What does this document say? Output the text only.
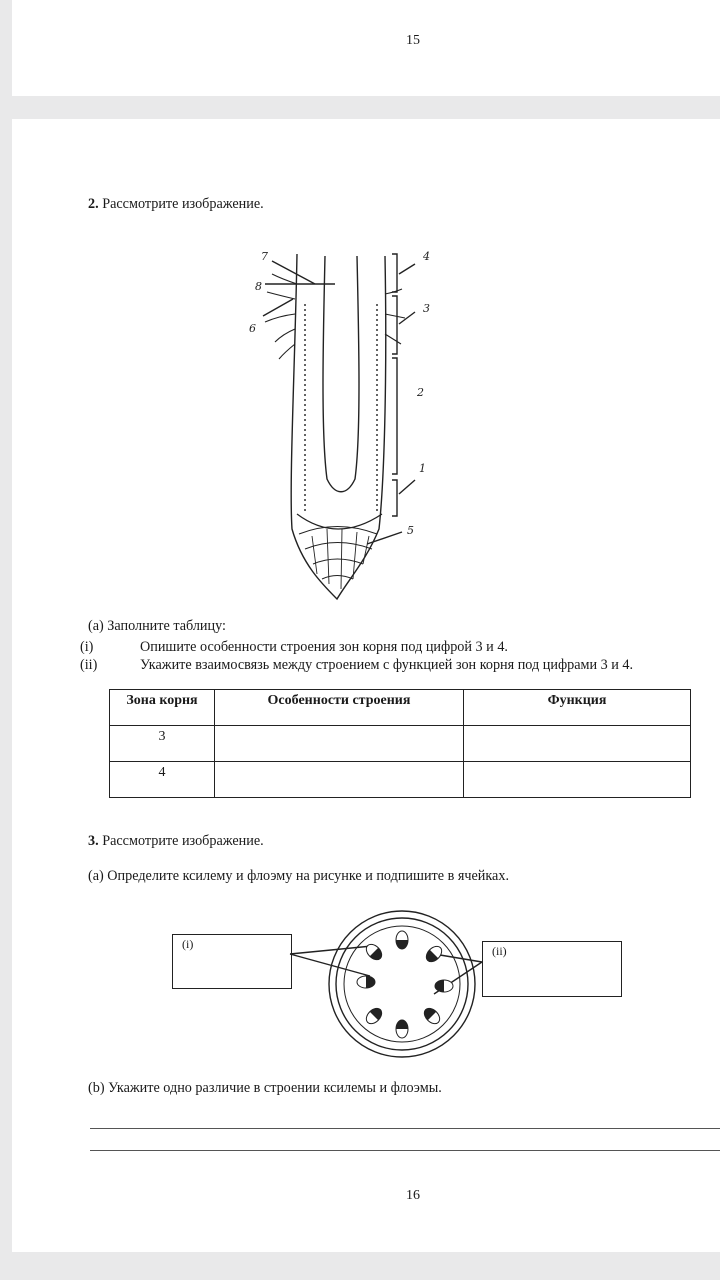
15
2. Рассмотрите изображение.
7
8
6
4
3
2
1
5
(а) Заполните таблицу:
(i)	Опишите особенности строения зон корня под цифрой 3 и 4.
(ii)	Укажите взаимосвязь между строением с функцией зон корня под цифрами 3 и 4.
Зона корня	Особенности строения	Функция
3		
4		
3. Рассмотрите изображение.
(а) Определите ксилему и флоэму на рисунке и подпишите в ячейках.
(i)	(ii)
(b) Укажите одно различие в строении ксилемы и флоэмы.
16
